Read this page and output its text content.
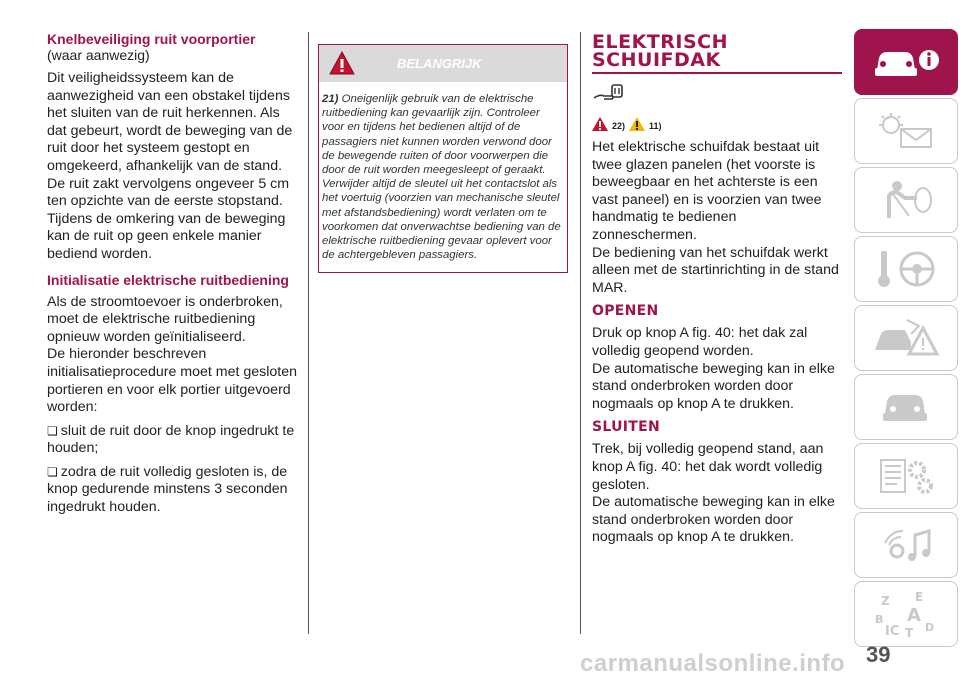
Knelbeveiliging ruit voorportier
(waar aanwezig)

Dit veiligheidssysteem kan de aanwezigheid van een obstakel tijdens het sluiten van de ruit herkennen. Als dat gebeurt, wordt de beweging van de ruit door het systeem gestopt en omgekeerd, afhankelijk van de stand. De ruit zakt vervolgens ongeveer 5 cm ten opzichte van de eerste stopstand. Tijdens de omkering van de beweging kan de ruit op geen enkele manier bediend worden.

Initialisatie elektrische ruitbediening

Als de stroomtoevoer is onderbroken, moet de elektrische ruitbediening opnieuw worden geïnitialiseerd.

De hieronder beschreven initialisatieprocedure moet met gesloten portieren en voor elk portier uitgevoerd worden:

❏ sluit de ruit door de knop ingedrukt te houden;

❏ zodra de ruit volledig gesloten is, de knop gedurende minstens 3 seconden ingedrukt houden.

BELANGRIJK
21) Oneigenlijk gebruik van de elektrische ruitbediening kan gevaarlijk zijn. Controleer voor en tijdens het bedienen altijd of de passagiers niet kunnen worden verwond door de bewegende ruiten of door voorwerpen die door de ruit worden meegesleept of geraakt. Verwijder altijd de sleutel uit het contactslot als het voertuig (voorzien van mechanische sleutel met afstandsbediening) wordt verlaten om te voorkomen dat onverwachtse bediening van de elektrische ruitbediening gevaar oplevert voor de achtergebleven passagiers.
ELEKTRISCH
SCHUIFDAK
22)	11)

Het elektrische schuifdak bestaat uit twee glazen panelen (het voorste is beweegbaar en het achterste is een vast paneel) en is voorzien van twee handmatig te bedienen zonneschermen.

De bediening van het schuifdak werkt alleen met de startinrichting in de stand MAR.

OPENEN

Druk op knop A fig. 40: het dak zal volledig geopend worden.

De automatische beweging kan in elke stand onderbroken worden door nogmaals op knop A te drukken.

SLUITEN

Trek, bij volledig geopend stand, aan knop A fig. 40: het dak wordt volledig gesloten.

De automatische beweging kan in elke stand onderbroken worden door nogmaals op knop A te drukken.

Z E
B A
IC T D
39
carmanualsonline.info
